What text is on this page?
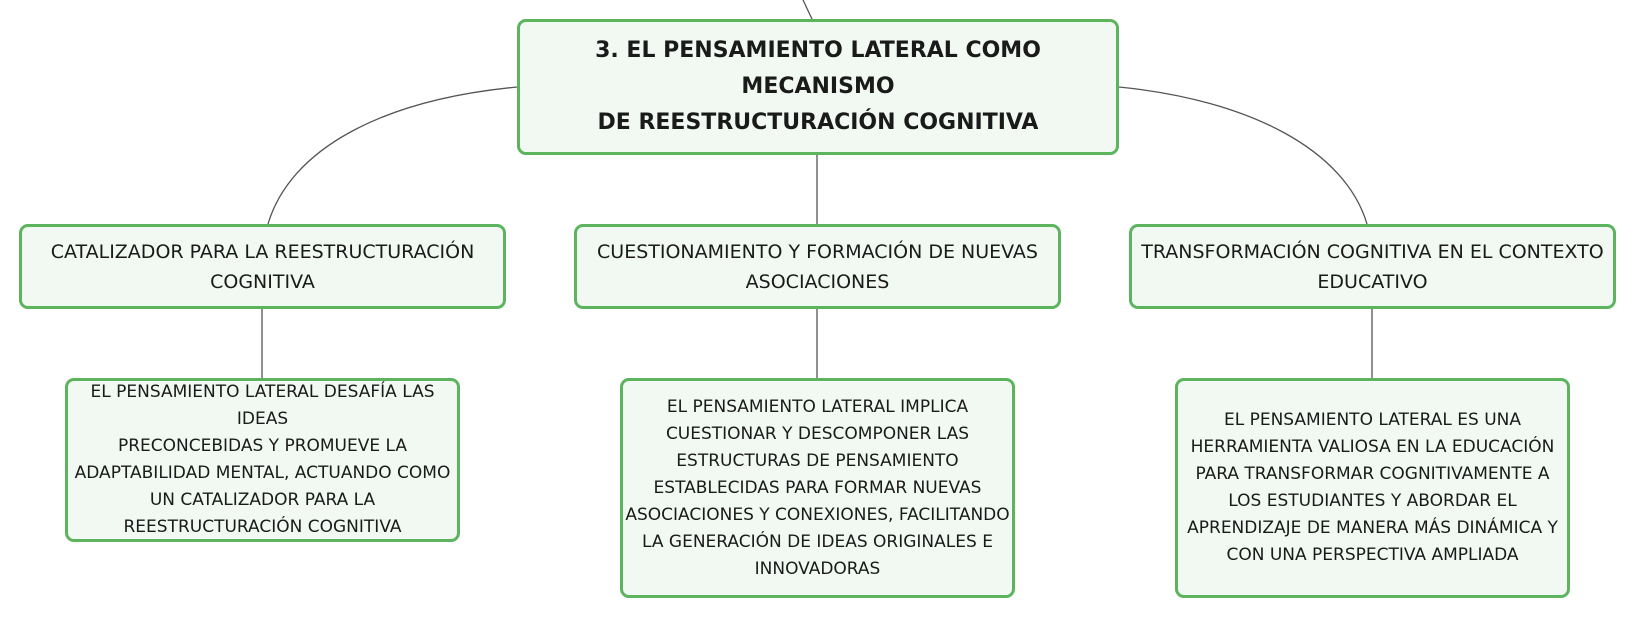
3. EL PENSAMIENTO LATERAL COMO MECANISMO
DE REESTRUCTURACIÓN COGNITIVA
CATALIZADOR PARA LA REESTRUCTURACIÓN
COGNITIVA
CUESTIONAMIENTO Y FORMACIÓN DE NUEVAS
ASOCIACIONES
TRANSFORMACIÓN COGNITIVA EN EL CONTEXTO
EDUCATIVO
EL PENSAMIENTO LATERAL DESAFÍA LAS IDEAS
PRECONCEBIDAS Y PROMUEVE LA
ADAPTABILIDAD MENTAL, ACTUANDO COMO
UN CATALIZADOR PARA LA
REESTRUCTURACIÓN COGNITIVA
EL PENSAMIENTO LATERAL IMPLICA
CUESTIONAR Y DESCOMPONER LAS
ESTRUCTURAS DE PENSAMIENTO
ESTABLECIDAS PARA FORMAR NUEVAS
ASOCIACIONES Y CONEXIONES, FACILITANDO
LA GENERACIÓN DE IDEAS ORIGINALES E
INNOVADORAS
EL PENSAMIENTO LATERAL ES UNA
HERRAMIENTA VALIOSA EN LA EDUCACIÓN
PARA TRANSFORMAR COGNITIVAMENTE A
LOS ESTUDIANTES Y ABORDAR EL
APRENDIZAJE DE MANERA MÁS DINÁMICA Y
CON UNA PERSPECTIVA AMPLIADA
